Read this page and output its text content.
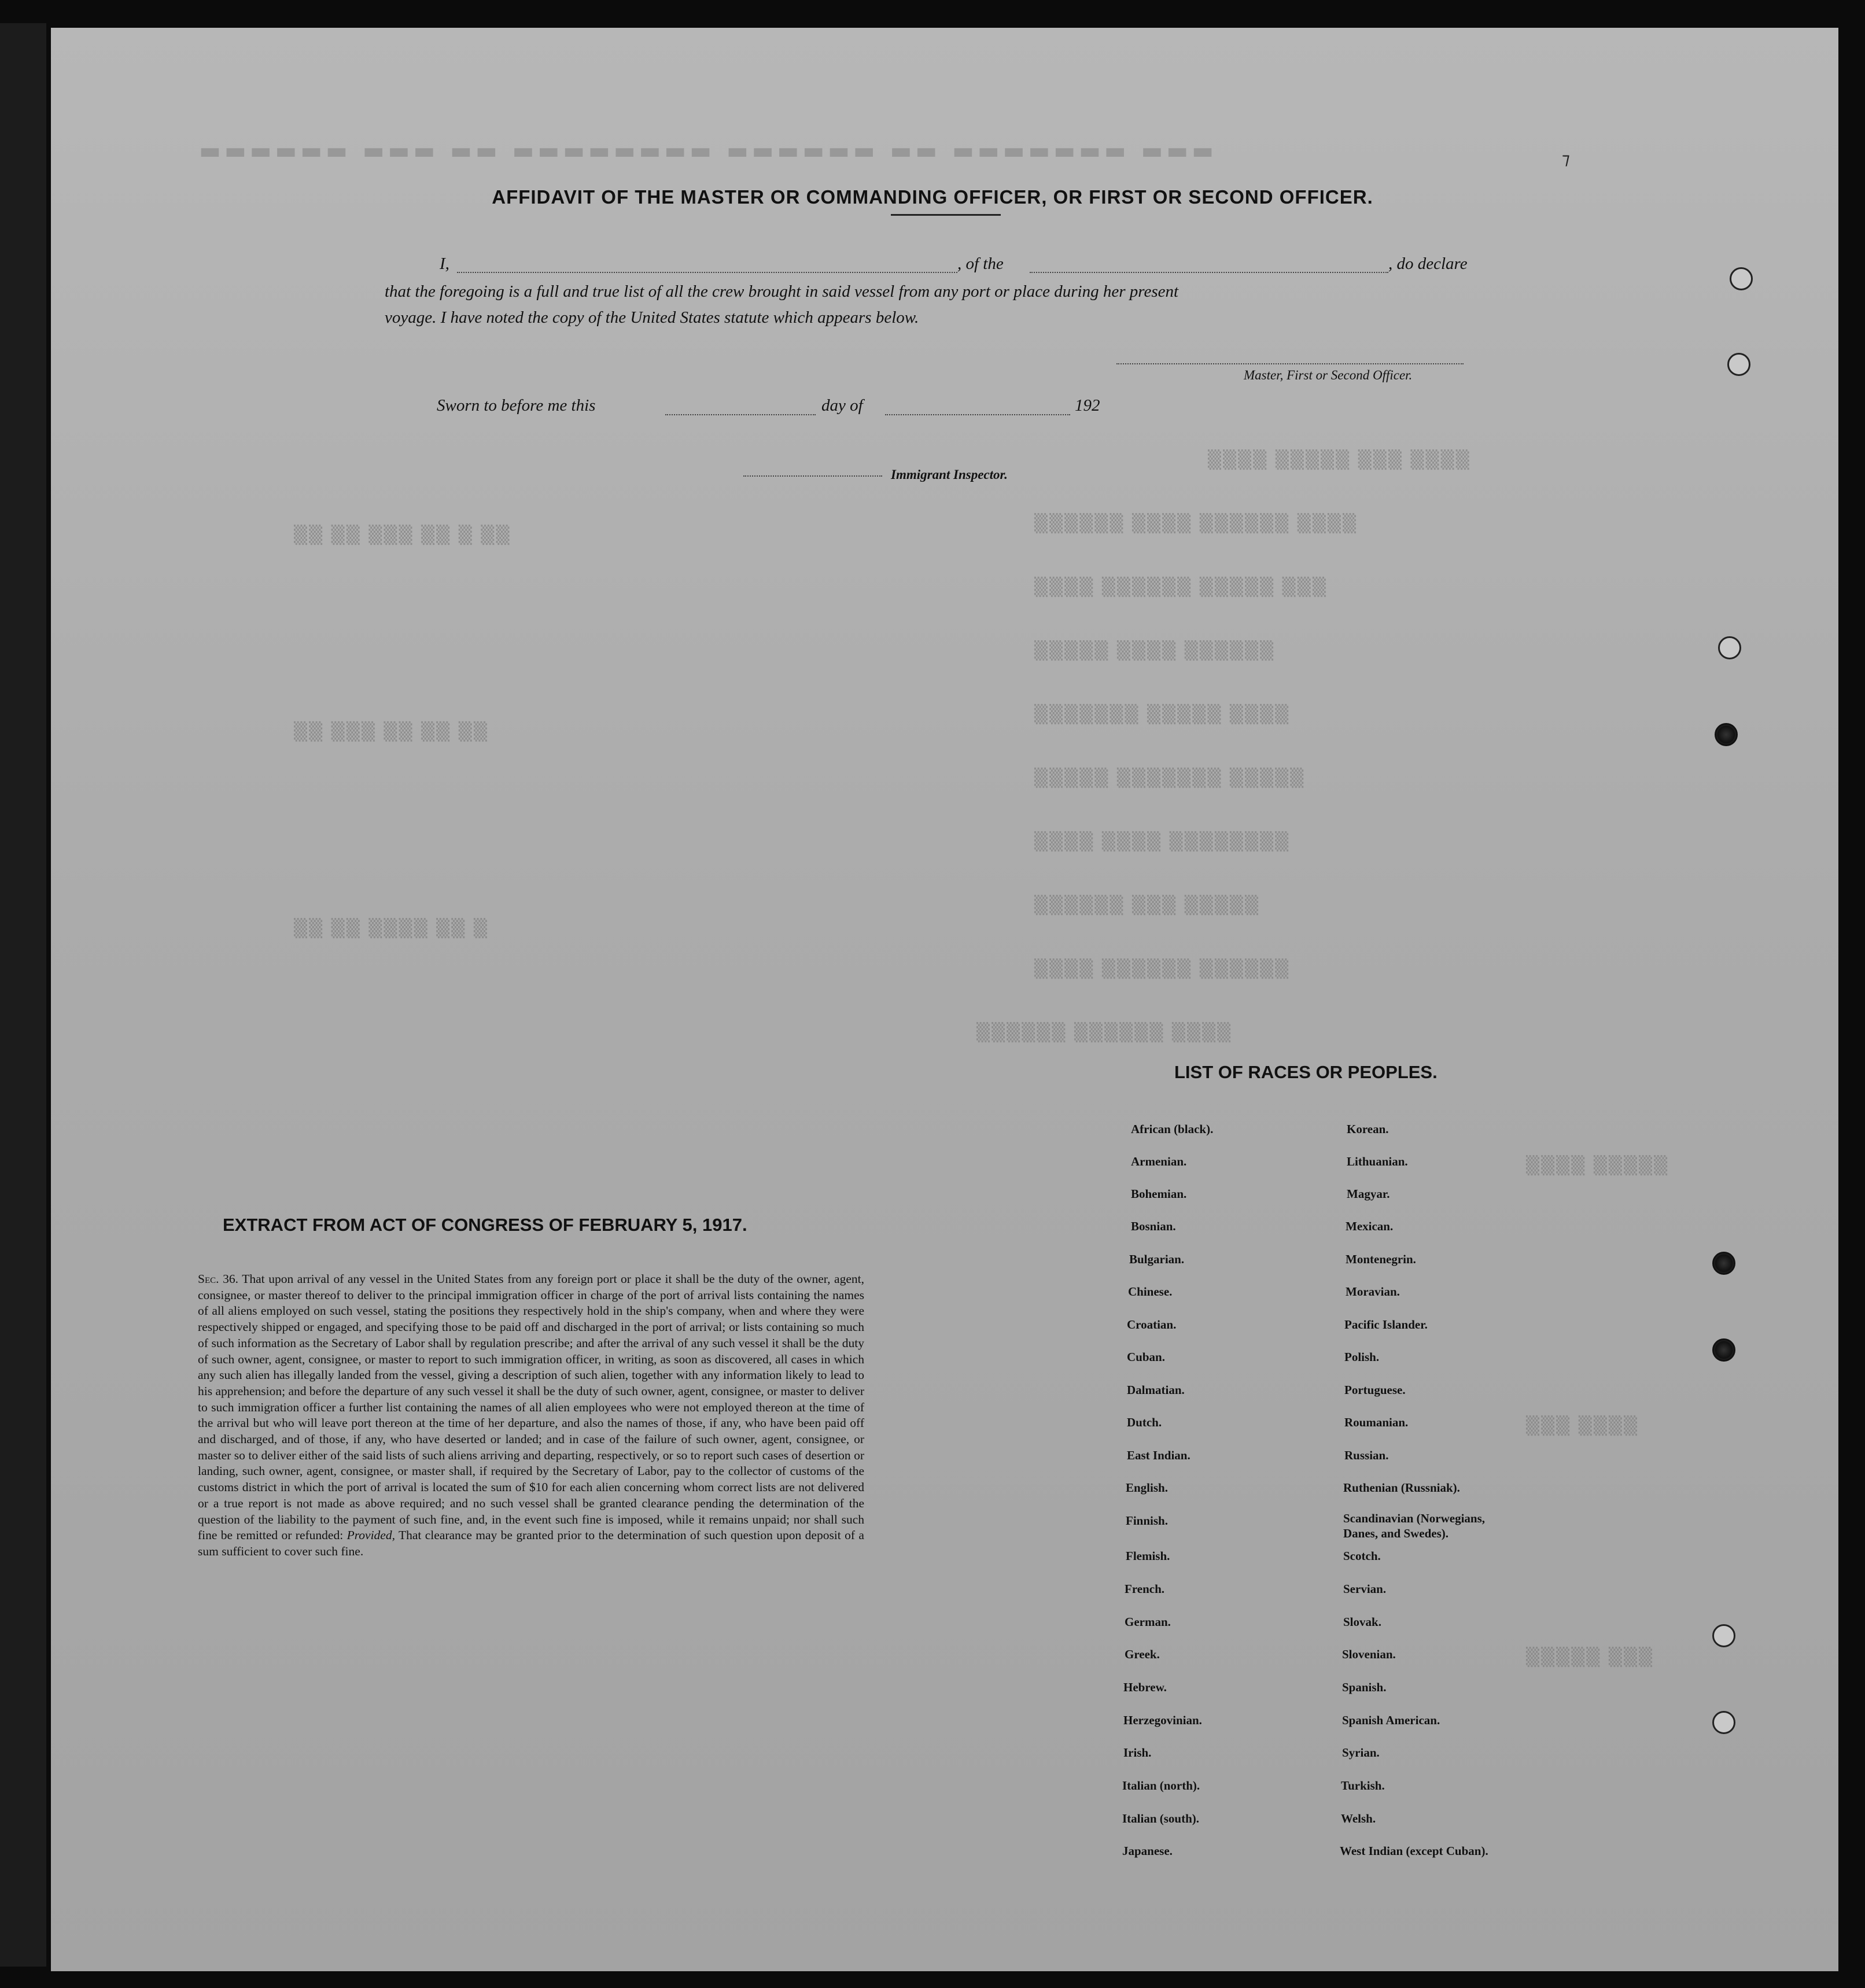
▬▬▬ ▬▬▬▬▬▬▬ ▬▬ ▬▬▬▬▬▬ ▬▬▬▬▬▬▬▬ ▬▬ ▬▬▬ ▬▬▬▬▬▬
▒▒▒▒ ▒▒▒▒▒ ▒▒▒ ▒▒▒▒
▒▒▒▒▒▒ ▒▒▒▒ ▒▒▒▒▒▒ ▒▒▒▒
▒▒▒▒ ▒▒▒▒▒▒ ▒▒▒▒▒ ▒▒▒
▒▒▒▒▒ ▒▒▒▒ ▒▒▒▒▒▒
▒▒▒▒▒▒▒ ▒▒▒▒▒ ▒▒▒▒
▒▒▒▒▒ ▒▒▒▒▒▒▒ ▒▒▒▒▒
▒▒▒▒ ▒▒▒▒ ▒▒▒▒▒▒▒▒
▒▒▒▒▒▒ ▒▒▒ ▒▒▒▒▒
▒▒▒▒ ▒▒▒▒▒▒ ▒▒▒▒▒▒
▒▒▒▒▒▒ ▒▒▒▒▒▒ ▒▒▒▒
▒▒ ▒▒ ▒▒▒ ▒▒ ▒ ▒▒
▒▒ ▒▒▒ ▒▒ ▒▒ ▒▒
▒▒ ▒▒ ▒▒▒▒ ▒▒ ▒
▒▒▒▒ ▒▒▒▒▒
▒▒▒ ▒▒▒▒
▒▒▒▒▒ ▒▒▒
AFFIDAVIT OF THE MASTER OR COMMANDING OFFICER, OR FIRST OR SECOND OFFICER.
I,	, of the	, do declare
that the foregoing is a full and true list of all the crew brought in said vessel from any port or place during her present
voyage. I have noted the copy of the United States statute which appears below.
Master, First or Second Officer.
Sworn to before me this	day of	192
Immigrant Inspector.
EXTRACT FROM ACT OF CONGRESS OF FEBRUARY 5, 1917.
Sec. 36. That upon arrival of any vessel in the United States from any foreign port or place it shall be the duty of the owner, agent, consignee, or master thereof to deliver to the principal immigration officer in charge of the port of arrival lists containing the names of all aliens employed on such vessel, stating the positions they respectively hold in the ship's company, when and where they were respectively shipped or engaged, and specifying those to be paid off and discharged in the port of arrival; or lists containing so much of such information as the Secretary of Labor shall by regulation prescribe; and after the arrival of any such vessel it shall be the duty of such owner, agent, consignee, or master to report to such immigration officer, in writing, as soon as discovered, all cases in which any such alien has illegally landed from the vessel, giving a description of such alien, together with any information likely to lead to his apprehension; and before the departure of any such vessel it shall be the duty of such owner, agent, consignee, or master to deliver to such immigration officer a further list containing the names of all alien employees who were not employed thereon at the time of the arrival but who will leave port thereon at the time of her departure, and also the names of those, if any, who have been paid off and discharged, and of those, if any, who have deserted or landed; and in case of the failure of such owner, agent, consignee, or master so to deliver either of the said lists of such aliens arriving and departing, respectively, or so to report such cases of desertion or landing, such owner, agent, consignee, or master shall, if required by the Secretary of Labor, pay to the collector of customs of the customs district in which the port of arrival is located the sum of $10 for each alien concerning whom correct lists are not delivered or a true report is not made as above required; and no such vessel shall be granted clearance pending the determination of the question of the liability to the payment of such fine, and, in the event such fine is imposed, while it remains unpaid; nor shall such fine be remitted or refunded: Provided, That clearance may be granted prior to the determination of such question upon deposit of a sum sufficient to cover such fine.
LIST OF RACES OR PEOPLES.
African (black).
Armenian.
Bohemian.
Bosnian.
Bulgarian.
Chinese.
Croatian.
Cuban.
Dalmatian.
Dutch.
East Indian.
English.
Finnish.
Flemish.
French.
German.
Greek.
Hebrew.
Herzegovinian.
Irish.
Italian (north).
Italian (south).
Japanese.
Korean.
Lithuanian.
Magyar.
Mexican.
Montenegrin.
Moravian.
Pacific Islander.
Polish.
Portuguese.
Roumanian.
Russian.
Ruthenian (Russniak).
Scandinavian (Norwegians,
Danes, and Swedes).
Scotch.
Servian.
Slovak.
Slovenian.
Spanish.
Spanish American.
Syrian.
Turkish.
Welsh.
West Indian (except Cuban).
⁊
